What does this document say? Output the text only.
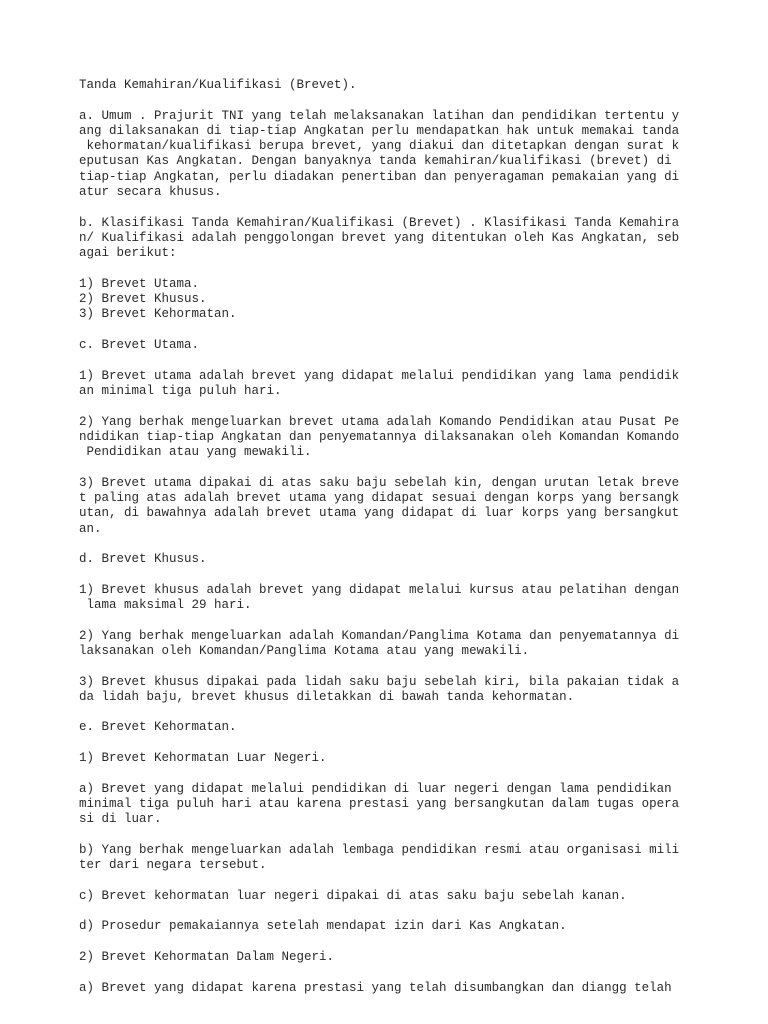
Tanda Kemahiran/Kualifikasi (Brevet).

a. Umum . Prajurit TNI yang telah melaksanakan latihan dan pendidikan tertentu y
ang dilaksanakan di tiap-tiap Angkatan perlu mendapatkan hak untuk memakai tanda
kehormatan/kualifikasi berupa brevet, yang diakui dan ditetapkan dengan surat k
eputusan Kas Angkatan. Dengan banyaknya tanda kemahiran/kualifikasi (brevet) di
tiap-tiap Angkatan, perlu diadakan penertiban dan penyeragaman pemakaian yang di
atur secara khusus.

b. Klasifikasi Tanda Kemahiran/Kualifikasi (Brevet) . Klasifikasi Tanda Kemahira
n/ Kualifikasi adalah penggolongan brevet yang ditentukan oleh Kas Angkatan, seb
agai berikut:

1) Brevet Utama.
2) Brevet Khusus.
3) Brevet Kehormatan.

c. Brevet Utama.

1) Brevet utama adalah brevet yang didapat melalui pendidikan yang lama pendidik
an minimal tiga puluh hari.

2) Yang berhak mengeluarkan brevet utama adalah Komando Pendidikan atau Pusat Pe
ndidikan tiap-tiap Angkatan dan penyematannya dilaksanakan oleh Komandan Komando
Pendidikan atau yang mewakili.

3) Brevet utama dipakai di atas saku baju sebelah kin, dengan urutan letak breve
t paling atas adalah brevet utama yang didapat sesuai dengan korps yang bersangk
utan, di bawahnya adalah brevet utama yang didapat di luar korps yang bersangkut
an.

d. Brevet Khusus.

1) Brevet khusus adalah brevet yang didapat melalui kursus atau pelatihan dengan
lama maksimal 29 hari.

2) Yang berhak mengeluarkan adalah Komandan/Panglima Kotama dan penyematannya di
laksanakan oleh Komandan/Panglima Kotama atau yang mewakili.

3) Brevet khusus dipakai pada lidah saku baju sebelah kiri, bila pakaian tidak a
da lidah baju, brevet khusus diletakkan di bawah tanda kehormatan.

e. Brevet Kehormatan.

1) Brevet Kehormatan Luar Negeri.

a) Brevet yang didapat melalui pendidikan di luar negeri dengan lama pendidikan
minimal tiga puluh hari atau karena prestasi yang bersangkutan dalam tugas opera
si di luar.

b) Yang berhak mengeluarkan adalah lembaga pendidikan resmi atau organisasi mili
ter dari negara tersebut.

c) Brevet kehormatan luar negeri dipakai di atas saku baju sebelah kanan.

d) Prosedur pemakaiannya setelah mendapat izin dari Kas Angkatan.

2) Brevet Kehormatan Dalam Negeri.

a) Brevet yang didapat karena prestasi yang telah disumbangkan dan diangg telah
